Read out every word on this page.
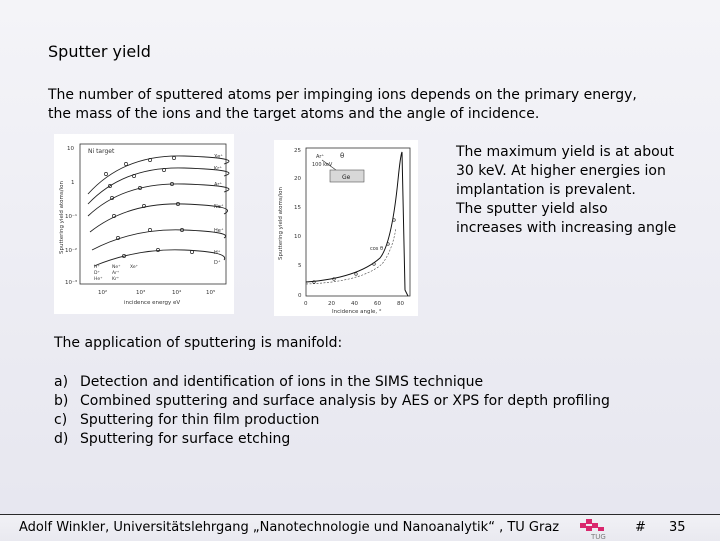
Sputter yield
The number of sputtered atoms per impinging ions depends on the primary energy,
the mass of the ions and the target atoms and the angle of incidence.
Sputtering yield atoms/ion
Ni target
10
1
10⁻¹
10⁻²
10⁻³
10²	10³	10⁴	10⁵
incidence energy eV
Xe⁺
Kr⁺
Ar⁺
Ne⁺
He⁺
H⁺
D⁺
H⁺
D⁺
He⁺
Ne⁺
Ar⁺
Kr⁺
Xe⁺
Sputtering yield atoms/ion
25
20
15
10
5
0
0	20	40	60	80
Incidence angle, °
Ar⁺
100 keV
θ
Ge
cos θ
The maximum yield is at about
30 keV. At higher energies ion
implantation is prevalent.
The sputter yield also
increases with increasing angle
The application of sputtering is manifold:
a) Detection and identification of ions in the SIMS technique
b) Combined sputtering and surface analysis by AES or XPS for depth profiling
c) Sputtering for thin film production
d) Sputtering for surface etching
Adolf Winkler, Universitätslehrgang „Nanotechnologie und Nanoanalytik“ , TU Graz
TUG
# 35
